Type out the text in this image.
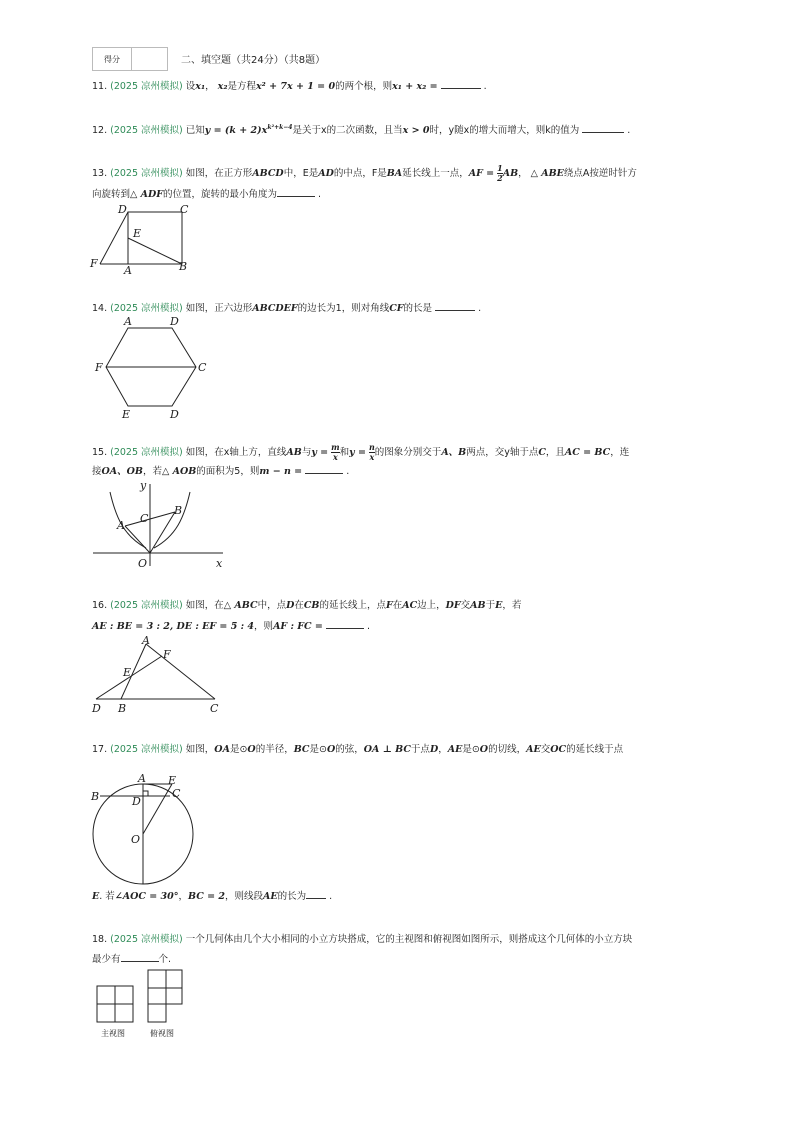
得分	二、填空题（共24分）（共8题）
11. (2025 凉州模拟) 设x₁， x₂是方程x² + 7x + 1 = 0的两个根，则x₁ + x₂ =	.
12. (2025 凉州模拟) 已知$y = (k + 2)x^{k^2+k-4}$是关于x的二次函数，且当x > 0时，y随x的增大而增大，则k的值为	.
13. (2025 凉州模拟) 如图，在正方形ABCD中，E是AD的中点，F是BA延长线上一点，AF = $\frac{1}{2}$ AB， △ ABE绕点A按逆时针方
向旋转到△ ADF的位置，旋转的最小角度为	.
D	C
E
F
A	B
14. (2025 凉州模拟) 如图，正六边形ABCDEF的边长为1，则对角线CF的长是	.
A	D
F	C
E	D
15. (2025 凉州模拟) 如图，在x轴上方，直线AB与$y = \frac{m}{x}$ 和$y = \frac{n}{x}$ 的图象分别交于A、B两点，交y轴于点C，且AC = BC，连
接OA、OB，若△ AOB的面积为5，则m − n =	.
y
A
C
B
O	x
16. (2025 凉州模拟) 如图，在△ ABC中，点D在CB的延长线上，点F在AC边上，DF交AB于E，若
AE : BE = 3 : 2, DE : EF = 5 : 4，则AF : FC =	.
A
F
E
D B	C
17. (2025 凉州模拟) 如图，OA是⊙O的半径，BC是⊙O的弦，OA ⊥ BC于点D，AE是⊙O的切线，AE交OC的延长线于点
A E
D
C
B
O
E. 若∠AOC = 30°，BC = 2，则线段AE的长为 .
18. (2025 凉州模拟) 一个几何体由几个大小相同的小立方块搭成，它的主视图和俯视图如图所示，则搭成这个几何体的小立方块
最少有	个.
主视图	俯视图
